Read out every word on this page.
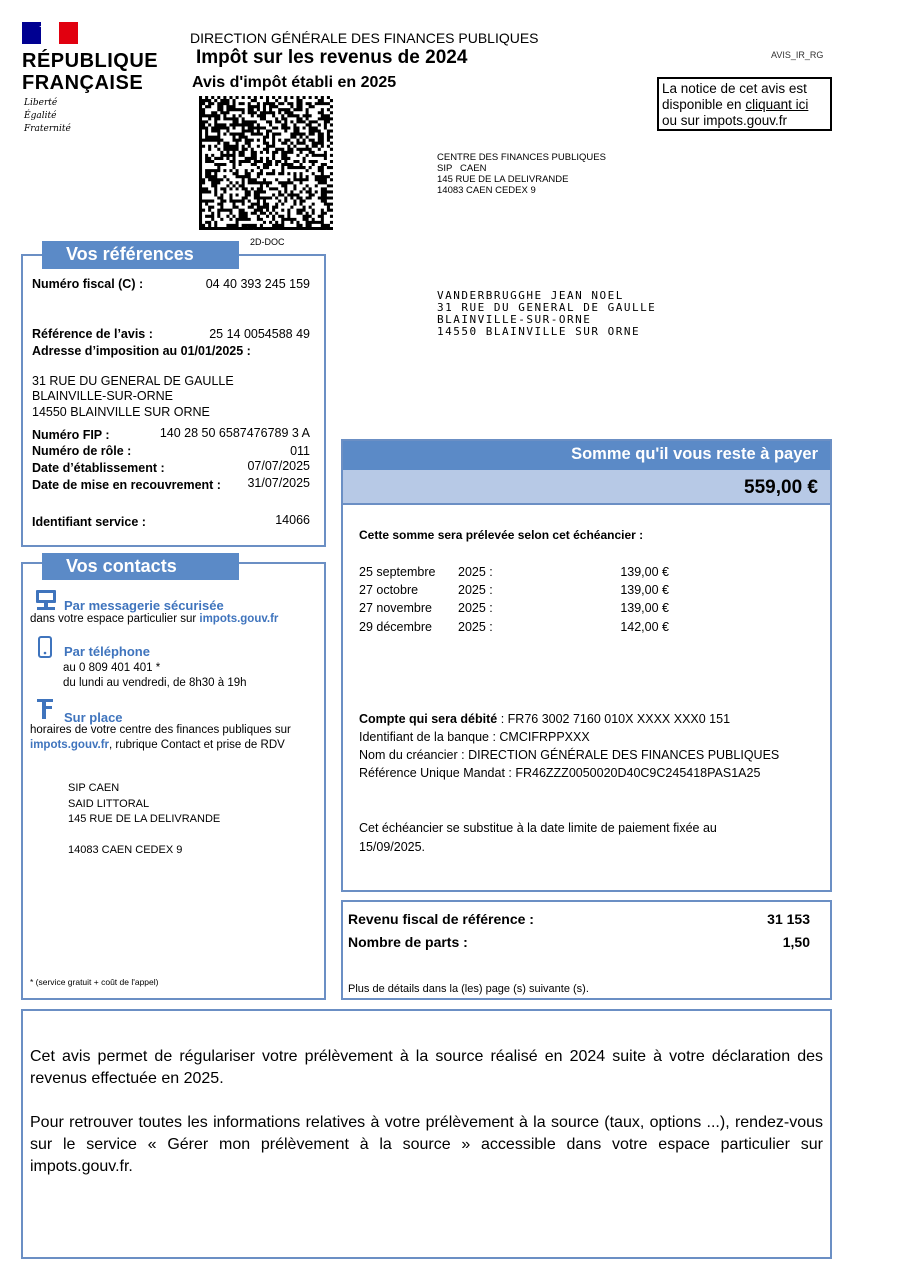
RÉPUBLIQUE
FRANÇAISE
Liberté
Égalité
Fraternité
DIRECTION GÉNÉRALE DES FINANCES PUBLIQUES
Impôt sur les revenus de 2024
Avis d'impôt établi en 2025
AVIS_IR_RG
La notice de cet avis est
disponible en cliquant ici
ou sur impots.gouv.fr
2D-DOC
CENTRE DES FINANCES PUBLIQUES
SIP   CAEN
145 RUE DE LA DELIVRANDE
14083 CAEN CEDEX 9
VANDERBRUGGHE JEAN NOEL
31 RUE DU GENERAL DE GAULLE
BLAINVILLE-SUR-ORNE
14550 BLAINVILLE SUR ORNE
Vos références
Numéro fiscal (C) :	04 40 393 245 159
Référence de l’avis :	25 14 0054588 49
Adresse d’imposition au 01/01/2025 :
31 RUE DU GENERAL DE GAULLE
BLAINVILLE-SUR-ORNE
14550 BLAINVILLE SUR ORNE
Numéro FIP :	140 28 50 6587476789 3 A
Numéro de rôle :	011
Date d’établissement :	07/07/2025
Date de mise en recouvrement : 31/07/2025
Identifiant service :	14066
Vos contacts
Par messagerie sécurisée
dans votre espace particulier sur impots.gouv.fr
Par téléphone
au 0 809 401 401 *
du lundi au vendredi, de 8h30 à 19h
Sur place
horaires de votre centre des finances publiques sur
impots.gouv.fr, rubrique Contact et prise de RDV
SIP CAEN
SAID LITTORAL
145 RUE DE LA DELIVRANDE
14083 CAEN CEDEX 9
* (service gratuit + coût de l'appel)
Somme qu'il vous reste à payer
559,00 €
Cette somme sera prélevée selon cet échéancier :
25 septembre 2025 :	139,00 €
27 octobre	2025 :	139,00 €
27 novembre 2025 :	139,00 €
29 décembre 2025 :	142,00 €
Compte qui sera débité : FR76 3002 7160 010X XXXX XXX0 151
Identifiant de la banque : CMCIFRPPXXX
Nom du créancier : DIRECTION GÉNÉRALE DES FINANCES PUBLIQUES
Référence Unique Mandat : FR46ZZZ0050020D40C9C245418PAS1A25
Cet échéancier se substitue à la date limite de paiement fixée au
15/09/2025.
Revenu fiscal de référence :	31 153
Nombre de parts :	1,50
Plus de détails dans la (les) page (s) suivante (s).

Cet avis permet de régulariser votre prélèvement à la source réalisé en 2024 suite à votre déclaration des revenus effectuée en 2025.

Pour retrouver toutes les informations relatives à votre prélèvement à la source (taux, options ...), rendez-vous sur le service « Gérer mon prélèvement à la source » accessible dans votre espace particulier sur impots.gouv.fr.
